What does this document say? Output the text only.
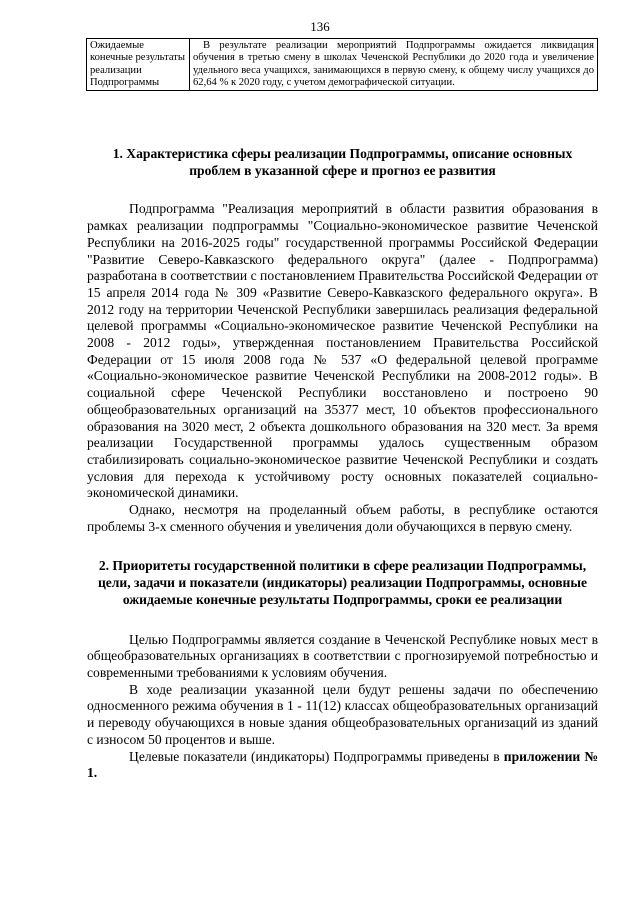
136
Ожидаемые конечные результаты реализации Подпрограммы	В результате реализации мероприятий Подпрограммы ожидается ликвидация обучения в третью смену в школах Чеченской Республики до 2020 года и увеличение удельного веса учащихся, занимающихся в первую смену, к общему числу учащихся до 62,64 % к 2020 году, с учетом демографической ситуации.

1. Характеристика сферы реализации Подпрограммы, описание основных проблем в указанной сфере и прогноз ее развития

Подпрограмма "Реализация мероприятий в области развития образования в рамках реализации подпрограммы "Социально-экономическое развитие Чеченской Республики на 2016-2025 годы" государственной программы Российской Федерации "Развитие Северо-Кавказского федерального округа" (далее - Подпрограмма) разработана в соответствии с постановлением Правительства Российской Федерации от 15 апреля 2014 года № 309 «Развитие Северо-Кавказского федерального округа». В 2012 году на территории Чеченской Республики завершилась реализация федеральной целевой программы «Социально-экономическое развитие Чеченской Республики на 2008 - 2012 годы», утвержденная постановлением Правительства Российской Федерации от 15 июля 2008 года № 537 «О федеральной целевой программе «Социально-экономическое развитие Чеченской Республики на 2008-2012 годы». В социальной сфере Чеченской Республики восстановлено и построено 90 общеобразовательных организаций на 35377 мест, 10 объектов профессионального образования на 3020 мест, 2 объекта дошкольного образования на 320 мест. За время реализации Государственной программы удалось существенным образом стабилизировать социально-экономическое развитие Чеченской Республики и создать условия для перехода к устойчивому росту основных показателей социально-экономической динамики.

Однако, несмотря на проделанный объем работы, в республике остаются проблемы 3-х сменного обучения и увеличения доли обучающихся в первую смену.

2. Приоритеты государственной политики в сфере реализации Подпрограммы, цели, задачи и показатели (индикаторы) реализации Подпрограммы, основные ожидаемые конечные результаты Подпрограммы, сроки ее реализации

Целью Подпрограммы является создание в Чеченской Республике новых мест в общеобразовательных организациях в соответствии с прогнозируемой потребностью и современными требованиями к условиям обучения.

В ходе реализации указанной цели будут решены задачи по обеспечению односменного режима обучения в 1 - 11(12) классах общеобразовательных организаций и переводу обучающихся в новые здания общеобразовательных организаций из зданий с износом 50 процентов и выше.

Целевые показатели (индикаторы) Подпрограммы приведены в приложении № 1.
